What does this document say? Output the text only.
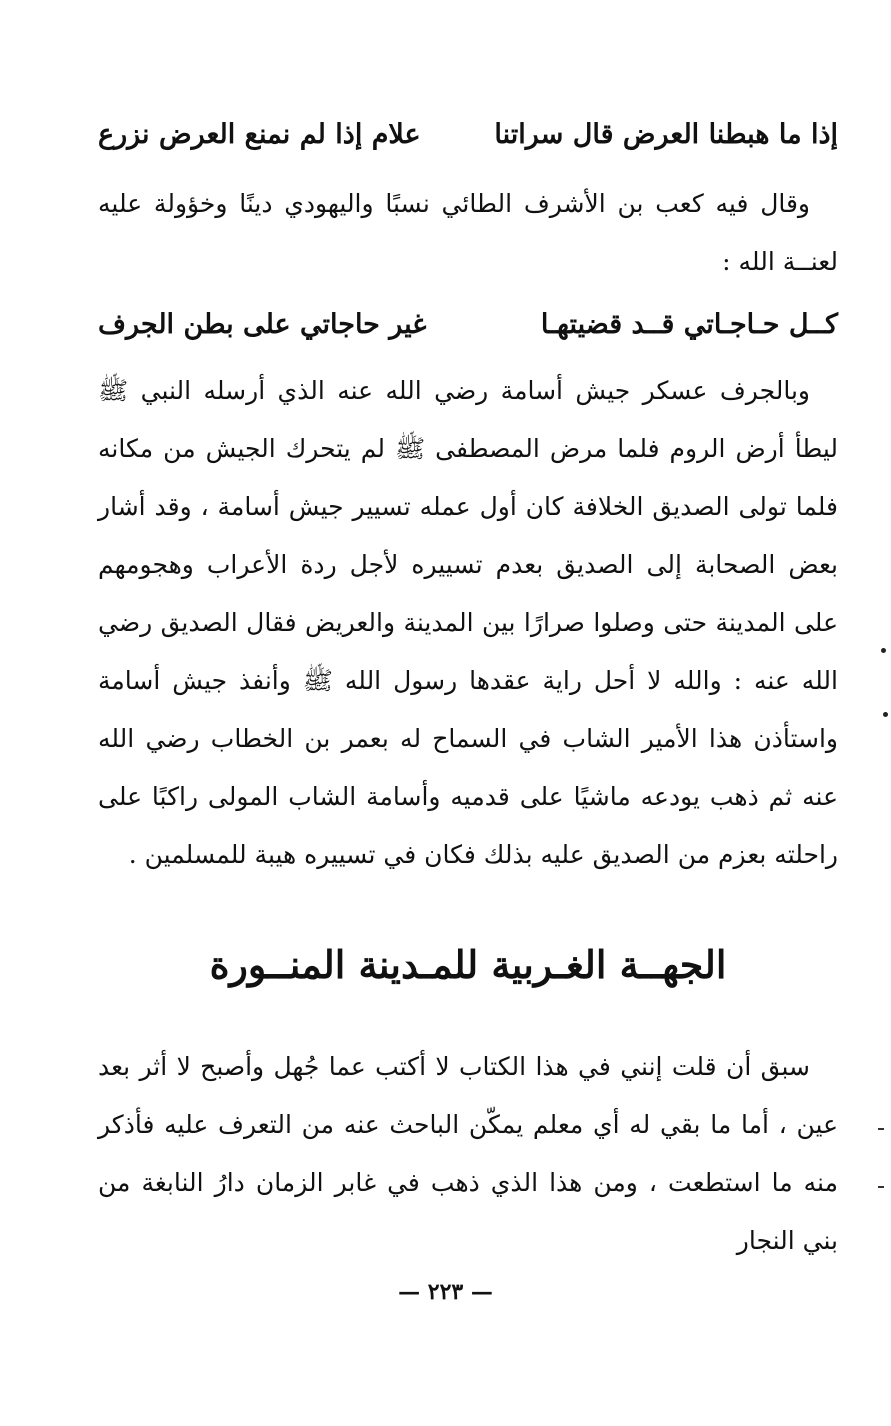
إذا ما هبطنا العرض قال سراتنا
علام إذا لم نمنع العرض نزرع

وقال فيه كعب بن الأشرف الطائي نسبًا واليهودي دينًا وخؤولة عليه لعنــة الله :

كــل حـاجـاتي قــد قضيتهـا
غير حاجاتي على بطن الجرف

وبالجرف عسكر جيش أسامة رضي الله عنه الذي أرسله النبي ﷺ ليطأ أرض الروم فلما مرض المصطفى ﷺ لم يتحرك الجيش من مكانه فلما تولى الصديق الخلافة كان أول عمله تسيير جيش أسامة ، وقد أشار بعض الصحابة إلى الصديق بعدم تسييره لأجل ردة الأعراب وهجومهم على المدينة حتى وصلوا صرارًا بين المدينة والعريض فقال الصديق رضي الله عنه : والله لا أحل راية عقدها رسول الله ﷺ وأنفذ جيش أسامة واستأذن هذا الأمير الشاب في السماح له بعمر بن الخطاب رضي الله عنه ثم ذهب يودعه ماشيًا على قدميه وأسامة الشاب المولى راكبًا على راحلته بعزم من الصديق عليه بذلك فكان في تسييره هيبة للمسلمين .

الجهــة الغـربية للمـدينة المنــورة

سبق أن قلت إنني في هذا الكتاب لا أكتب عما جُهل وأصبح لا أثر بعد عين ، أما ما بقي له أي معلم يمكّن الباحث عنه من التعرف عليه فأذكر منه ما استطعت ، ومن هذا الذي ذهب في غابر الزمان دارُ النابغة من بني النجار

— ٢٢٣ —
